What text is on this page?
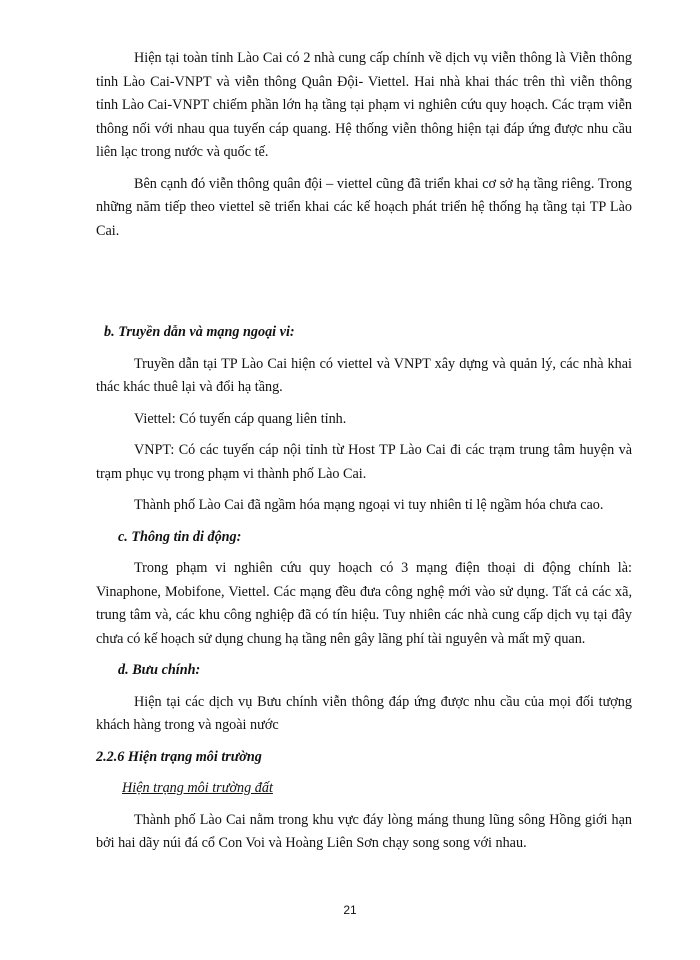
Hiện tại toàn tỉnh Lào Cai có 2 nhà cung cấp chính về dịch vụ viễn thông là Viễn thông tỉnh Lào Cai-VNPT và viễn thông Quân Đội- Viettel. Hai nhà khai thác trên thì viễn thông tỉnh Lào Cai-VNPT chiếm phần lớn hạ tầng tại phạm vi nghiên cứu quy hoạch. Các trạm viễn thông nối với nhau qua tuyến cáp quang. Hệ thống viễn thông hiện tại đáp ứng được nhu cầu liên lạc trong nước và quốc tế.

Bên cạnh đó viễn thông quân đội – viettel cũng đã triển khai cơ sở hạ tầng riêng. Trong những năm tiếp theo viettel sẽ triển khai các kế hoạch phát triển hệ thống hạ tầng tại TP Lào Cai.

b. Truyền dẫn và mạng ngoại vi:

Truyền dẫn tại TP Lào Cai hiện có viettel và VNPT xây dựng và quản lý, các nhà khai thác khác thuê lại và đổi hạ tầng.

Viettel: Có tuyến cáp quang liên tỉnh.

VNPT: Có các tuyến cáp nội tỉnh từ Host TP Lào Cai đi các trạm trung tâm huyện và trạm phục vụ trong phạm vi thành phố Lào Cai.

Thành phố Lào Cai đã ngầm hóa mạng ngoại vi tuy nhiên tỉ lệ ngầm hóa chưa cao.

c. Thông tin di động:

Trong phạm vi nghiên cứu quy hoạch có 3 mạng điện thoại di động chính là: Vinaphone, Mobifone, Viettel. Các mạng đều đưa công nghệ mới vào sử dụng. Tất cả các xã, trung tâm và, các khu công nghiệp đã có tín hiệu. Tuy nhiên các nhà cung cấp dịch vụ tại đây chưa có kế hoạch sử dụng chung hạ tầng nên gây lãng phí tài nguyên và mất mỹ quan.

d. Bưu chính:

Hiện tại các dịch vụ Bưu chính viễn thông đáp ứng được nhu cầu của mọi đối tượng khách hàng trong và ngoài nước

2.2.6 Hiện trạng môi trường

Hiện trạng môi trường đất

Thành phố Lào Cai nằm trong khu vực đáy lòng máng thung lũng sông Hồng giới hạn bởi hai dãy núi đá cổ Con Voi và Hoàng Liên Sơn chạy song song với nhau.

21
